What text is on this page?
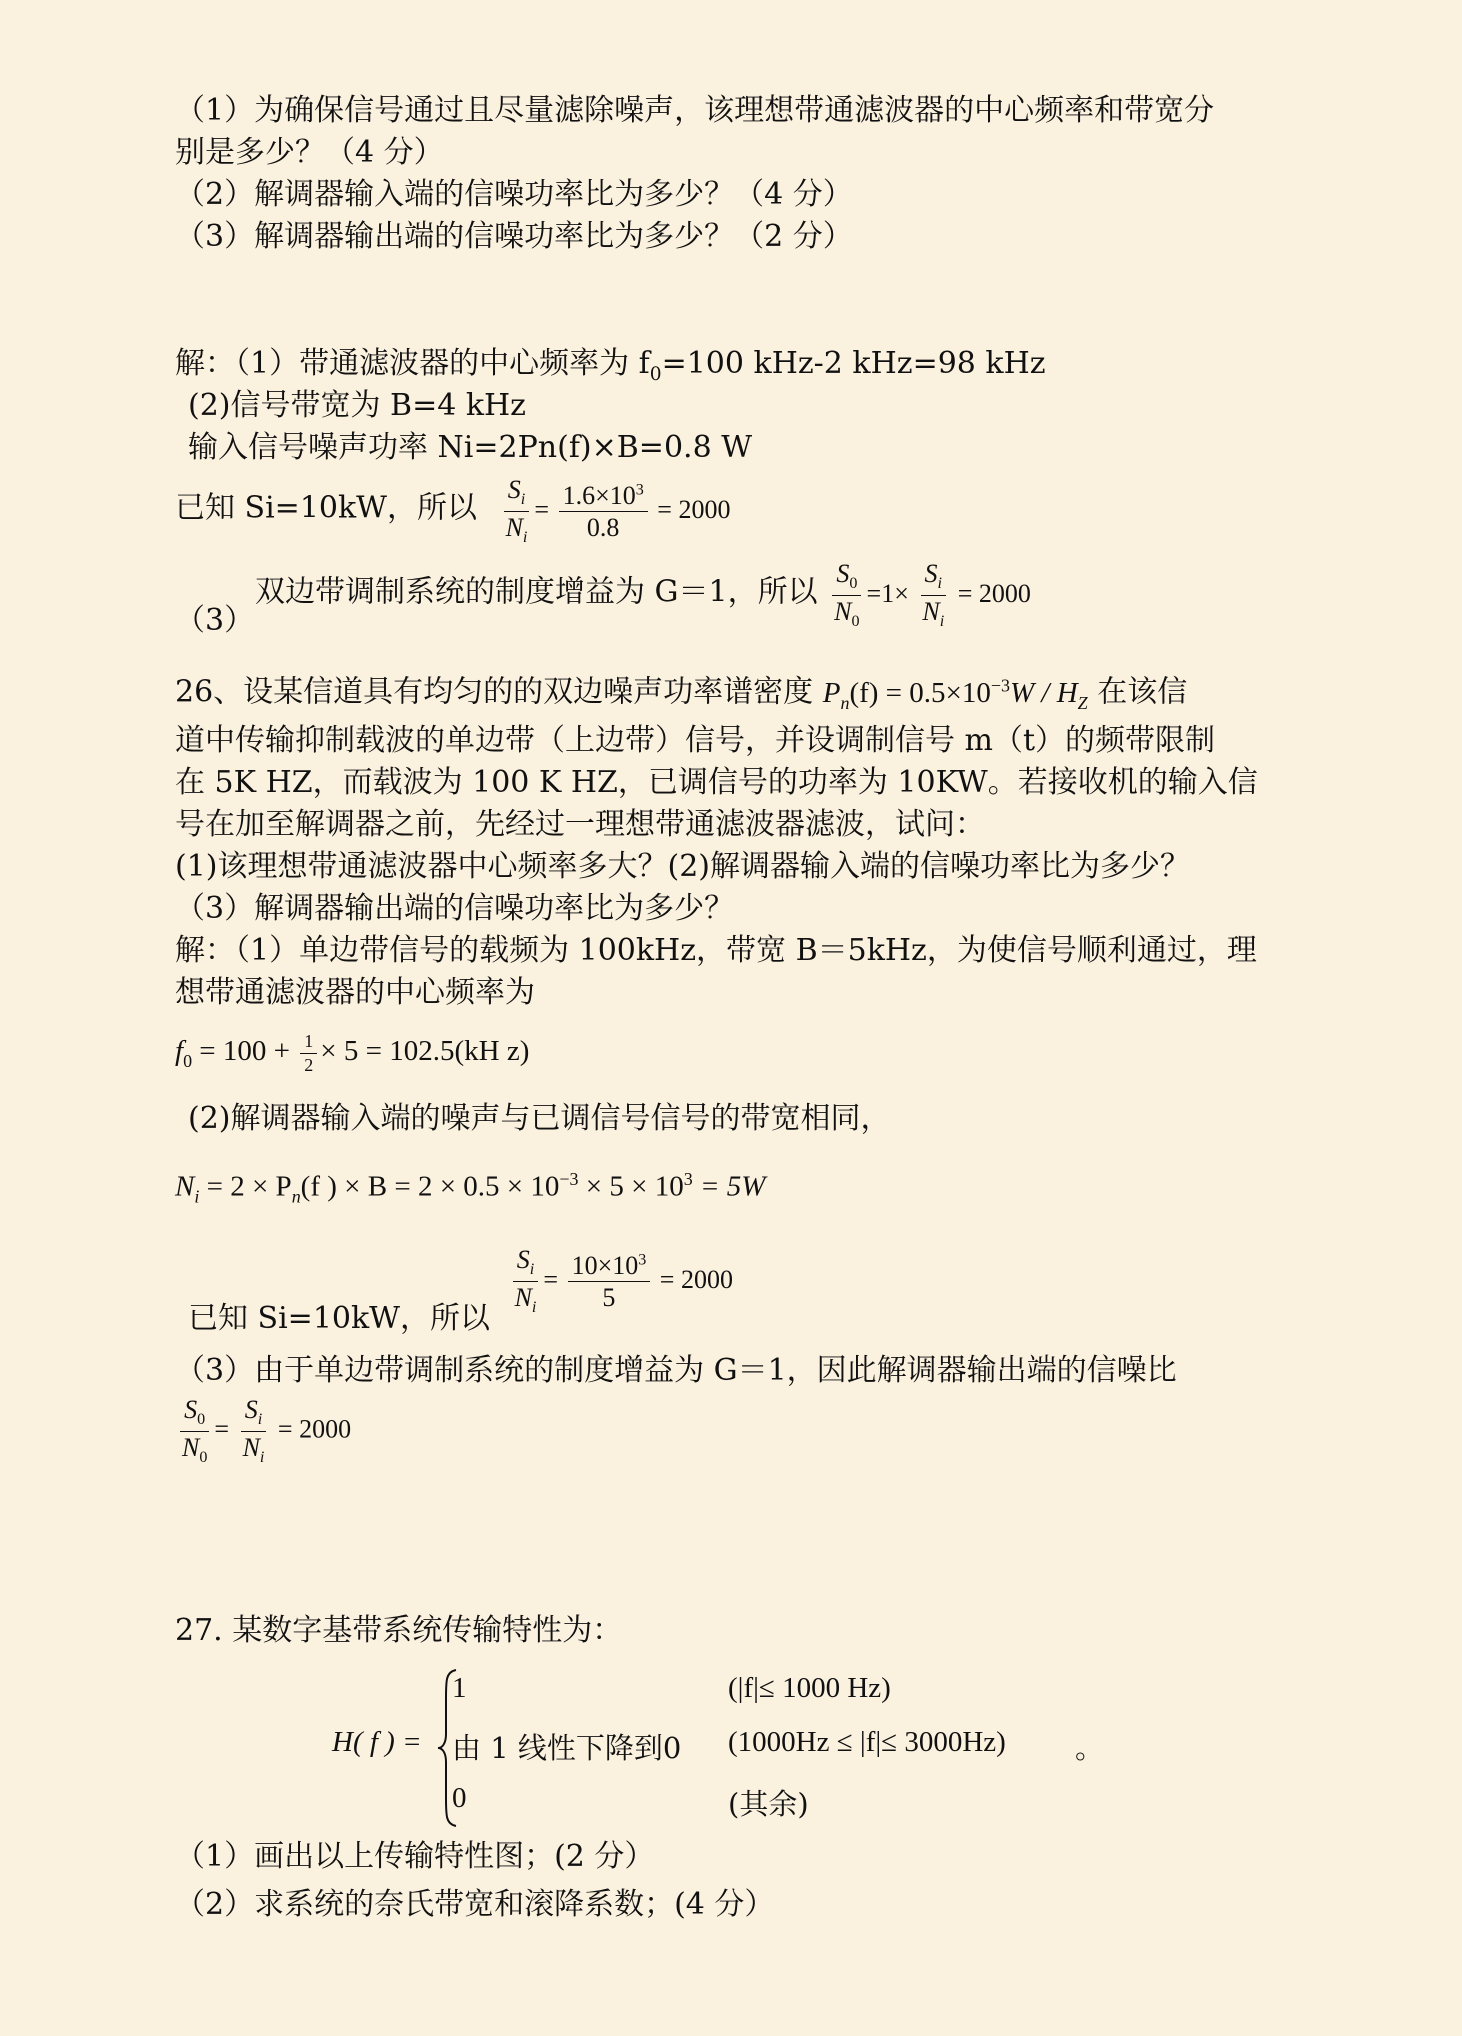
（1）为确保信号通过且尽量滤除噪声，该理想带通滤波器的中心频率和带宽分
别是多少？（4 分）
（2）解调器输入端的信噪功率比为多少？（4 分）
（3）解调器输出端的信噪功率比为多少？（2 分）
解：（1）带通滤波器的中心频率为 $f_0=100$ kHz-2 kHz=98 kHz
(2)信号带宽为 B=4 kHz
输入信号噪声功率 Ni=2Pn(f)×B=0.8 W
已知 Si=10kW，所以 $\frac{S_i}{N_i} = \frac{1.6\times 10^3}{0.8} = 2000$
双边带调制系统的制度增益为 G＝1，所以 $\frac{S_0}{N_0} =1\times \frac{S_i}{N_i} = 2000$
（3）
26、设某信道具有均匀的的双边噪声功率谱密度 $P_n(f) = 0.5\times 10^{-3}W / H_Z$ 在该信
道中传输抑制载波的单边带（上边带）信号，并设调制信号 m（t）的频带限制
在 5K HZ，而载波为 100 K HZ，已调信号的功率为 10KW。若接收机的输入信
号在加至解调器之前，先经过一理想带通滤波器滤波，试问：
(1)该理想带通滤波器中心频率多大？(2)解调器输入端的信噪功率比为多少？
（3）解调器输出端的信噪功率比为多少？
解：（1）单边带信号的载频为 100kHz，带宽 B＝5kHz，为使信号顺利通过，理
想带通滤波器的中心频率为
$f_0 = 100 + \frac{1}{2} \times 5 = 102.5(kH$ z)
(2)解调器输入端的噪声与已调信号信号的带宽相同，
$N_i = 2 \times P_n(f$ ) × $B = 2 \times 0.5 \times 10^{-3} \times 5 \times 10^3 = 5W$
已知 Si=10kW，所以
$\frac{S_i}{N_i} = \frac{10\times 10^3}{5} = 2000$
（3）由于单边带调制系统的制度增益为 G＝1，因此解调器输出端的信噪比
$\frac{S_0}{N_0} = \frac{S_i}{N_i} = 2000$
27. 某数字基带系统传输特性为：
H( f ) =
1	(|f|≤ 1000 Hz)
由 1 线性下降到0 (1000Hz ≤ |f|≤ 3000Hz) 。
0	(其余)
（1）画出以上传输特性图；(2 分）
（2）求系统的奈氏带宽和滚降系数；(4 分）
